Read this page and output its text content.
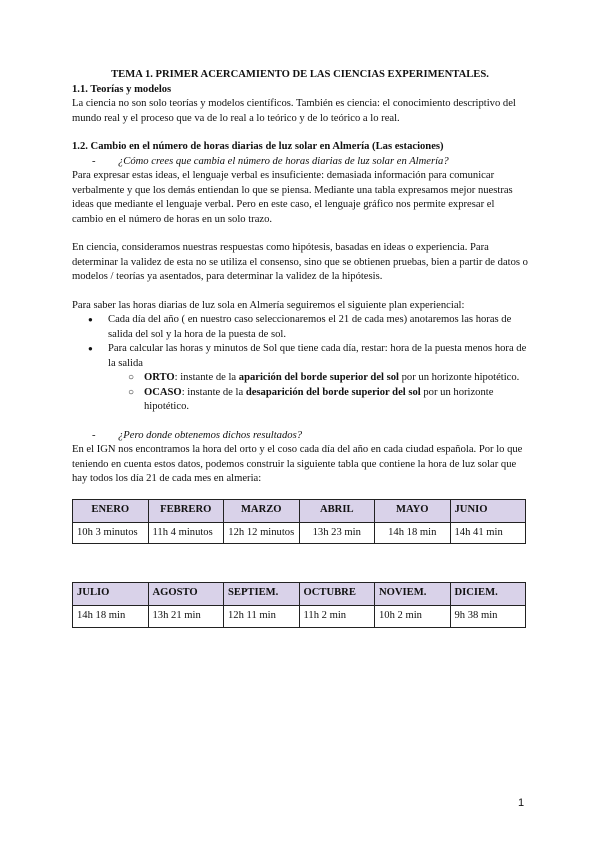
TEMA 1. PRIMER ACERCAMIENTO DE LAS CIENCIAS EXPERIMENTALES.

1.1. Teorías y modelos

La ciencia no son solo teorías y modelos científicos. También es ciencia: el conocimiento descriptivo del mundo real y el proceso que va de lo real a lo teórico y de lo teórico a lo real.

1.2. Cambio en el número de horas diarias de luz solar en Almería (Las estaciones)

- ¿Cómo crees que cambia el número de horas diarias de luz solar en Almería?

Para expresar estas ideas, el lenguaje verbal es insuficiente: demasiada información para comunicar verbalmente y que los demás entiendan lo que se piensa. Mediante una tabla expresamos mejor nuestras ideas que mediante el lenguaje verbal. Pero en este caso, el lenguaje gráfico nos permite expresar el cambio en el número de horas en un solo trazo.

En ciencia, consideramos nuestras respuestas como hipótesis, basadas en ideas o experiencia. Para determinar la validez de esta no se utiliza el consenso, sino que se obtienen pruebas, bien a partir de datos o modelos / teorías ya asentados, para determinar la validez de la hipótesis.

Para saber las horas diarias de luz sola en Almería seguiremos el siguiente plan experiencial:

● Cada día del año ( en nuestro caso seleccionaremos el 21 de cada mes) anotaremos las horas de salida del sol y la hora de la puesta de sol.

● Para calcular las horas y minutos de Sol que tiene cada día, restar: hora de la puesta menos hora de la salida

○ ORTO: instante de la aparición del borde superior del sol por un horizonte hipotético.

○ OCASO: instante de la desaparición del borde superior del sol por un horizonte hipotético.

- ¿Pero donde obtenemos dichos resultados?

En el IGN nos encontramos la hora del orto y el coso cada día del año en cada ciudad española. Por lo que teniendo en cuenta estos datos, podemos construir la siguiente tabla que contiene la hora de luz solar que hay todos los día 21 de cada mes en almeria:

ENERO	FEBRERO	MARZO	ABRIL	MAYO	JUNIO
10h 3 minutos	11h 4 minutos	12h 12 minutos	13h 23 min	14h 18 min	14h 41 min
JULIO	AGOSTO	SEPTIEM.	OCTUBRE	NOVIEM.	DICIEM.
14h 18 min	13h 21 min	12h 11 min	11h 2 min	10h 2 min	9h 38 min
1
